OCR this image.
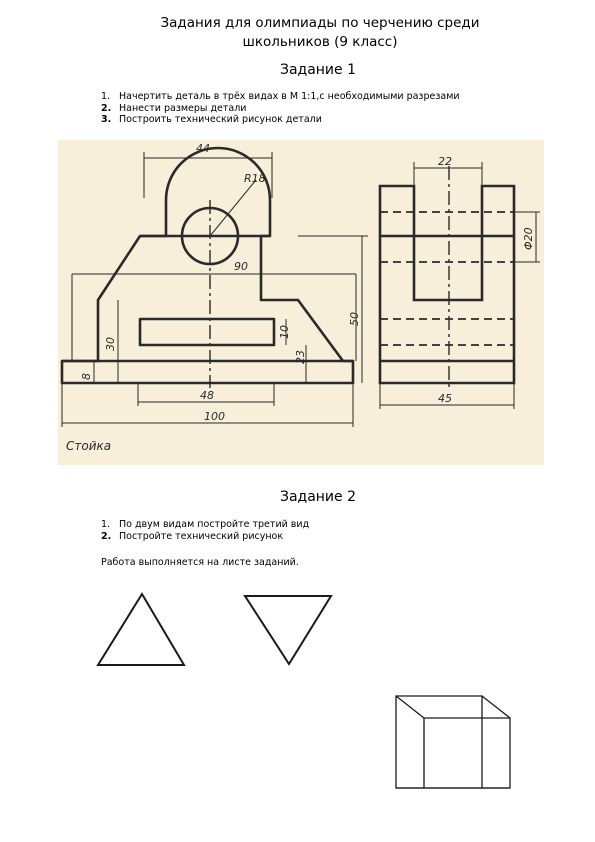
Задания для олимпиады по черчению среди
школьников (9 класс)
Задание 1
1. Начертить деталь в трёх видах в М 1:1,с необходимыми разрезами
2. Нанести размеры детали
3. Построить технический рисунок детали
44
R18
90
50
10
23
30
8
48
100
22
45
Φ20
Стойка
Задание 2
1. По двум видам постройте третий вид
2. Постройте технический рисунок
Работа выполняется на листе заданий.
